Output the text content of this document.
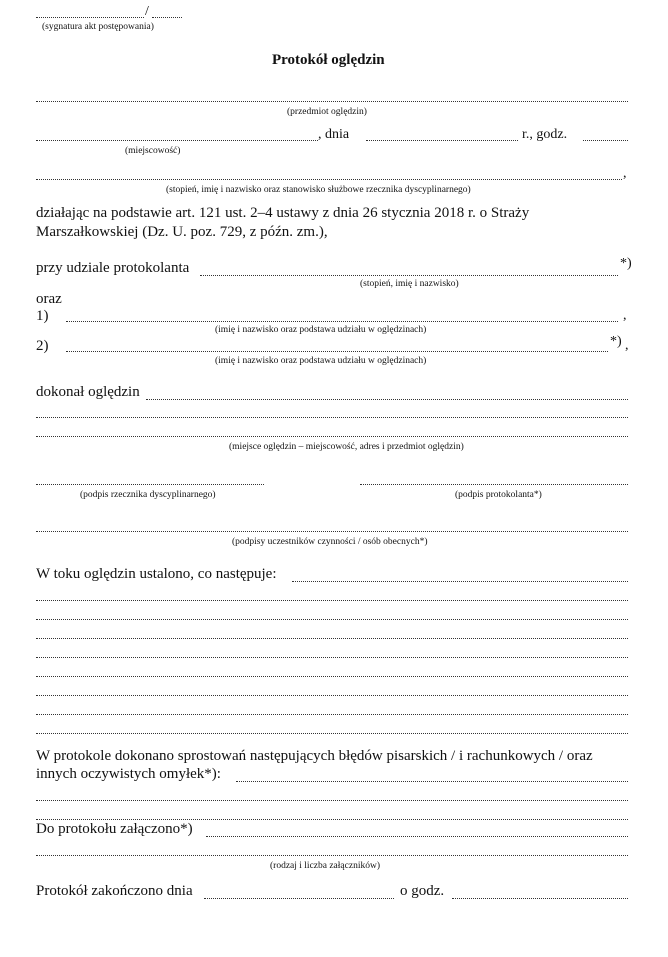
/
(sygnatura akt postępowania)
Protokół oględzin
(przedmiot oględzin)
, dnia	r., godz.
(miejscowość)
,
(stopień, imię i nazwisko oraz stanowisko służbowe rzecznika dyscyplinarnego)
działając na podstawie art. 121 ust. 2–4 ustawy z dnia 26 stycznia 2018 r. o Straży
Marszałkowskiej (Dz. U. poz. 729, z późn. zm.),
przy udziale protokolanta	*)
(stopień, imię i nazwisko)
oraz
1)	,
(imię i nazwisko oraz podstawa udziału w oględzinach)
2)	*) ,
(imię i nazwisko oraz podstawa udziału w oględzinach)
dokonał oględzin
(miejsce oględzin – miejscowość, adres i przedmiot oględzin)
(podpis rzecznika dyscyplinarnego)	(podpis protokolanta*)
(podpisy uczestników czynności / osób obecnych*)
W toku oględzin ustalono, co następuje:
W protokole dokonano sprostowań następujących błędów pisarskich / i rachunkowych / oraz
innych oczywistych omyłek*):
Do protokołu załączono*)
(rodzaj i liczba załączników)
Protokół zakończono dnia	o godz.
